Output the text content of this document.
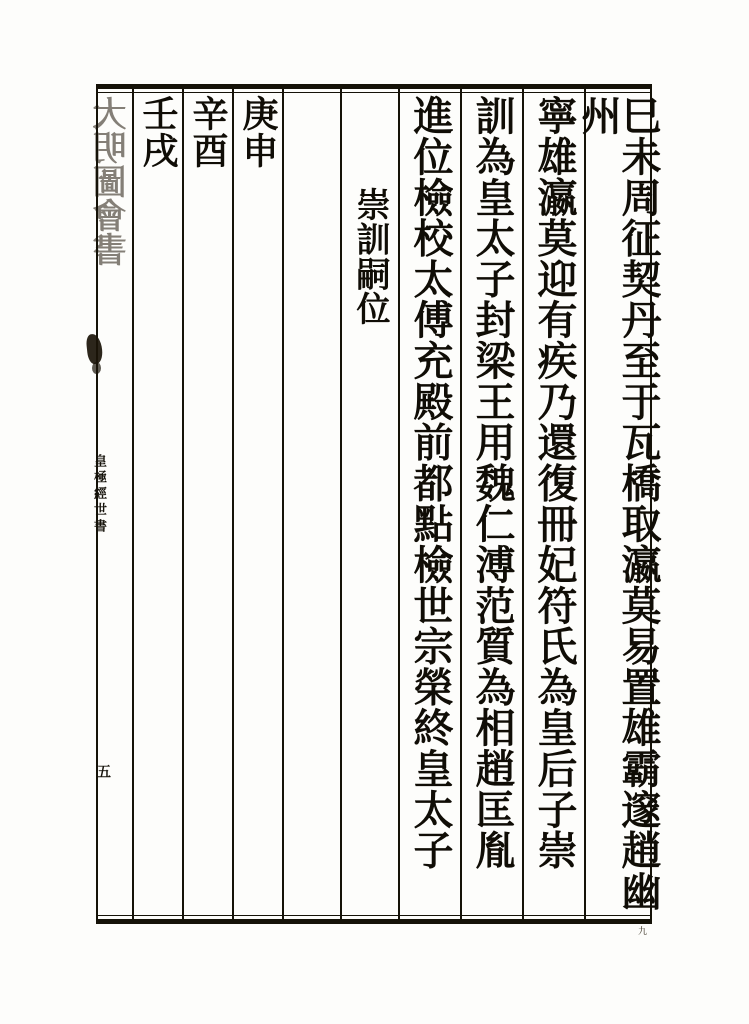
大明圖會書
九
巳未周征契丹至于瓦橋取瀛莫易置雄霸邃趙幽州
寧雄瀛莫迎有疾乃還復冊妃符氏為皇后子崇
訓為皇太子封梁王用魏仁溥范質為相趙匡胤
進位檢校太傅充殿前都點檢世宗榮終皇太子
崇訓嗣位
庚申
辛酉
壬戌
皇極經世書
五
